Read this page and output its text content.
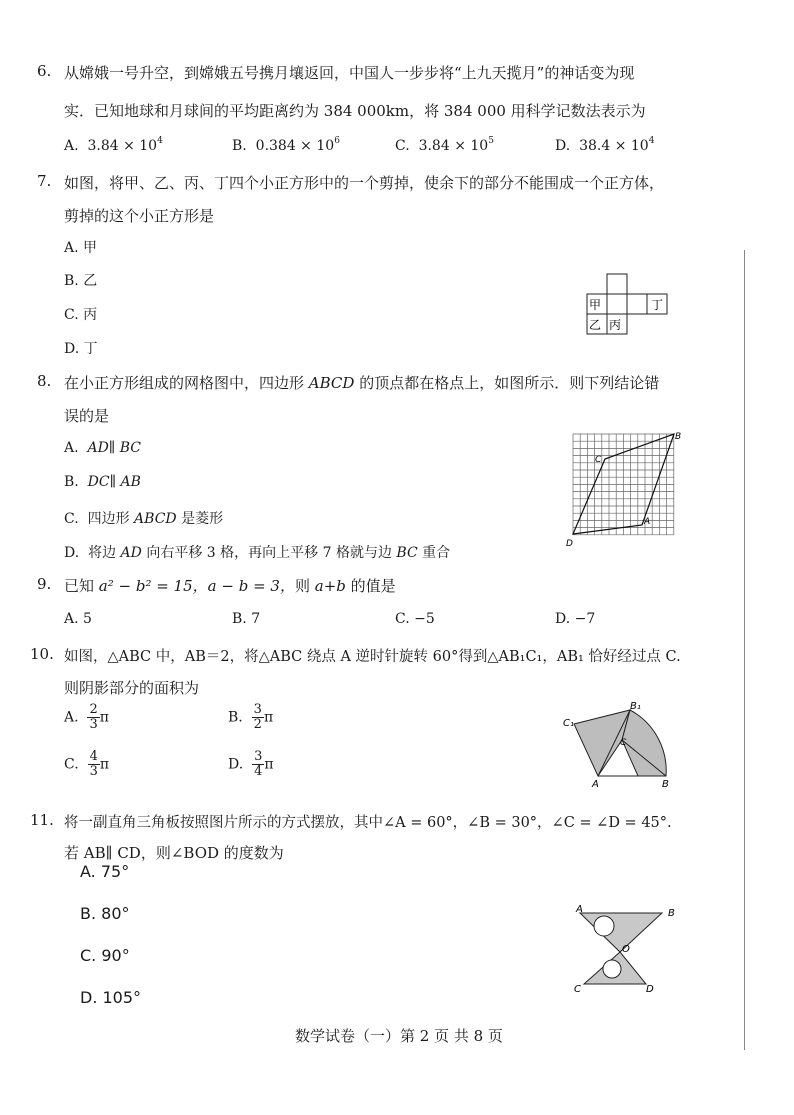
6. 从嫦娥一号升空，到嫦娥五号携月壤返回，中国人一步步将“上九天揽月”的神话变为现
实．已知地球和月球间的平均距离约为 384 000km，将 384 000 用科学记数法表示为
A. $3.84 \times 10^4$	B. $0.384 \times 10^6$	C. $3.84 \times 10^5$	D. $38.4 \times 10^4$
7. 如图，将甲、乙、丙、丁四个小正方形中的一个剪掉，使余下的部分不能围成一个正方体，
剪掉的这个小正方形是
A. 甲
B. 乙
C. 丙
D. 丁
甲	丁
乙 丙
8. 在小正方形组成的网格图中，四边形 ABCD 的顶点都在格点上，如图所示．则下列结论错
误的是
A. AD∥ BC
B. DC∥ AB
C. 四边形 ABCD 是菱形
D. 将边 AD 向右平移 3 格，再向上平移 7 格就与边 BC 重合
B
C
A
D
9. 已知 a² − b² = 15，a − b = 3，则 a+b 的值是
A. 5	B. 7	C. −5	D. −7
10. 如图，△ABC 中，AB＝2，将△ABC 绕点 A 逆时针旋转 60°得到△AB₁C₁，AB₁ 恰好经过点 C.
则阴影部分的面积为
A. $\frac{2}{3}$ π	B. $\frac{3}{2}$ π
C. $\frac{4}{3}$ π	D. $\frac{3}{4}$ π
C₁
B₁
C
A	B
11. 将一副直角三角板按照图片所示的方式摆放，其中∠A = 60°，∠B = 30°，∠C = ∠D = 45°.
若 AB∥ CD，则∠BOD 的度数为
A. 75°
B. 80°
C. 90°
D. 105°
A	B
O
C	D
数学试卷（一）第 2 页 共 8 页
